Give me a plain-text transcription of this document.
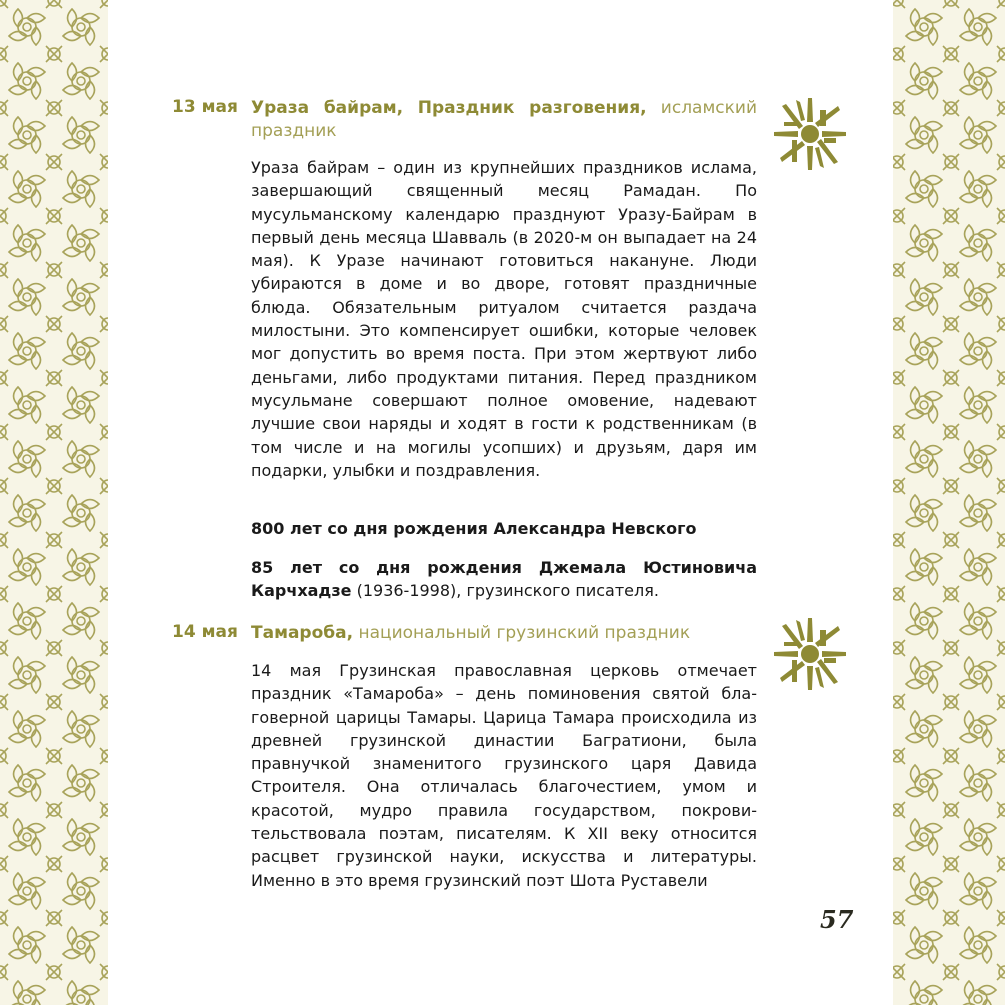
13 мая Ураза байрам, Праздник разговения, исламский
праздник
Ураза байрам – один из крупнейших праздников ислама, завершающий священный месяц Рамадан. По мусульманскому календарю празднуют Уразу-Байрам в первый день месяца Шавваль (в 2020-м он выпадает на 24 мая). К Уразе начинают готовиться накануне. Люди убираются в доме и во дворе, готовят праздничные блюда. Обязательным ритуалом считается раздача милостыни. Это компенсирует ошибки, которые человек мог допустить во время поста. При этом жертвуют либо деньгами, либо продуктами питания. Перед праздником мусульмане совершают полное омовение, надевают лучшие свои наряды и ходят в гости к родственникам (в том числе и на могилы усопших) и друзьям, даря им подарки, улыбки и поздравления.
800 лет со дня рождения Александра Невского
85 лет со дня рождения Джемала Юстиновича
Карчхадзе (1936-1998), грузинского писателя.
14 мая Тамароба, национальный грузинский праздник
14 мая Грузинская православная церковь отмечает праздник «Тамароба» – день поминовения святой благоверной царицы Тамары. Царица Тамара происходила из древней грузинской династии Багратиони, была правнучкой знаменитого грузинского царя Давида Строителя. Она отличалась благочестием, умом и красотой, мудро правила государством, покровительствовала поэтам, писателям. К XII веку относится расцвет грузинской науки, искусства и литературы. Именно в это время грузинский поэт Шота Руставели
57
